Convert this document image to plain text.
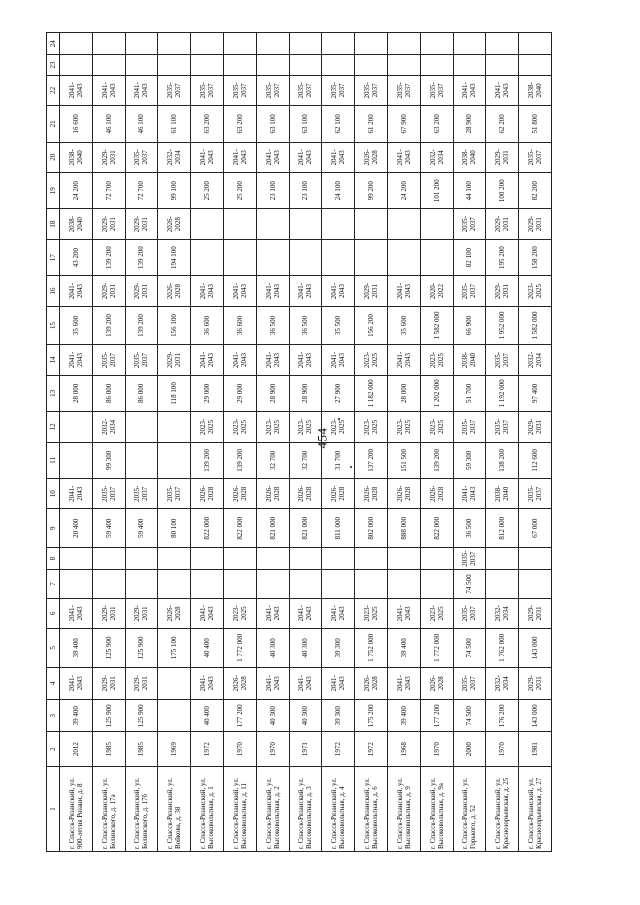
454
1	2	3	4	5	6	7	8	9	10	11	12	13	14	15	16	17	18	19	20	21	22	23	24
г. Спасск-Рязанский, ул. 900-летия Рязани, д. 8	2012	39 400	2041-2043	39 400	2041-2043			20 400	2041-2043			28 000	2041-2043	35 600	2041-2043	43 200	2038-2040	24 200	2038-2040	16 600	2041-2043		
г. Спасск-Рязанский, ул. Белинского, д. 17а	1985	125 900	2029-2031	125 900	2029-2031			59 400	2035-2037	99 300	2032-2034	86 000	2035-2037	139 200	2029-2031	139 200	2029-2031	72 700	2029-2031	46 100	2041-2043		
г. Спасск-Рязанский, ул. Белинского, д. 17б	1985	125 900	2029-2031	125 900	2029-2031			59 400	2035-2037			86 000	2035-2037	139 200	2029-2031	139 200	2029-2031	72 700	2035-2037	46 100	2041-2043		
г. Спасск-Рязанский, ул. Войкова, д. 38	1969			175 100	2026-2028			80 100	2035-2037			118 100	2029-2031	156 100	2026-2028	194 100	2026-2028	99 100	2032-2034	61 100	2035-2037		
г. Спасск-Рязанский, ул. Высоковольтная, д. 1	1972	40 400	2041-2043	40 400	2041-2043			822 000	2026-2028	139 200	2023-2025	29 000	2041-2043	36 600	2041-2043			25 200	2041-2043	63 200	2035-2037		
г. Спасск-Рязанский, ул. Высоковольтная, д. 11	1970	177 200	2026-2028	1 772 000	2023-2025			822 000	2026-2028	139 200	2023-2025	29 000	2041-2043	36 600	2041-2043			25 200	2041-2043	63 200	2035-2037		
г. Спасск-Рязанский, ул. Высоковольтная, д. 2	1970	40 300	2041-2043	40 300	2041-2043			821 000	2026-2028	32 700	2023-2025	28 900	2041-2043	36 500	2041-2043			23 100	2041-2043	63 100	2035-2037		
г. Спасск-Рязанский, ул. Высоковольтная, д. 3	1971	40 300	2041-2043	40 300	2041-2043			821 000	2026-2028	32 700	2023-2025	28 900	2041-2043	36 500	2041-2043			23 100	2041-2043	63 100	2035-2037		
г. Спасск-Рязанский, ул. Высоковольтная, д. 4	1972	39 300	2041-2043	39 300	2041-2043			811 000	2026-2028	31 700	2023-2025	27 900	2041-2043	35 500	2041-2043			24 100	2041-2043	62 100	2035-2037		
г. Спасск-Рязанский, ул. Высоковольтная, д. 6	1972	175 200	2026-2028	1 752 000	2023-2025			802 000	2026-2028	137 200	2023-2025	1 182 000	2023-2025	156 200	2029-2031			99 200	2026-2028	61 200	2035-2037		
г. Спасск-Рязанский, ул. Высоковольтная, д. 9	1968	39 400	2041-2043	39 400	2041-2043			888 000	2026-2028	151 500	2023-2025	28 000	2041-2043	35 600	2041-2043			24 200	2041-2043	67 900	2035-2037		
г. Спасск-Рязанский, ул. Высоковольтная, д. 9а	1970	177 200	2026-2028	1 772 000	2023-2025			822 000	2026-2028	139 200	2023-2025	1 202 000	2023-2025	1 582 000	2020-2022			101 200	2032-2034	63 200	2035-2037		
г. Спасск-Рязанский, ул. Горького, д. 52	2000	74 500	2035-2037	74 500	2035-2037	74 500	2035-2037	36 500	2041-2043	59 300	2035-2037	51 700	2038-2040	66 900	2035-2037	82 100	2035-2037	44 100	2038-2040	28 900	2041-2043		
г. Спасск-Рязанский, ул. Краснозорьевская, д. 25	1970	176 200	2032-2034	1 762 000	2032-2034			812 000	2038-2040	138 200	2035-2037	1 192 000	2035-2037	1 952 000	2029-2031	195 200	2029-2031	100 200	2029-2031	62 200	2041-2043		
г. Спасск-Рязанский, ул. Краснозорьевская, д. 27	1981	143 000	2029-2031	143 000	2029-2031			67 000	2035-2037	112 600	2029-2031	97 400	2032-2034	1 582 000	2023-2025	158 200	2029-2031	82 200	2035-2037	51 800	2038-2040		
